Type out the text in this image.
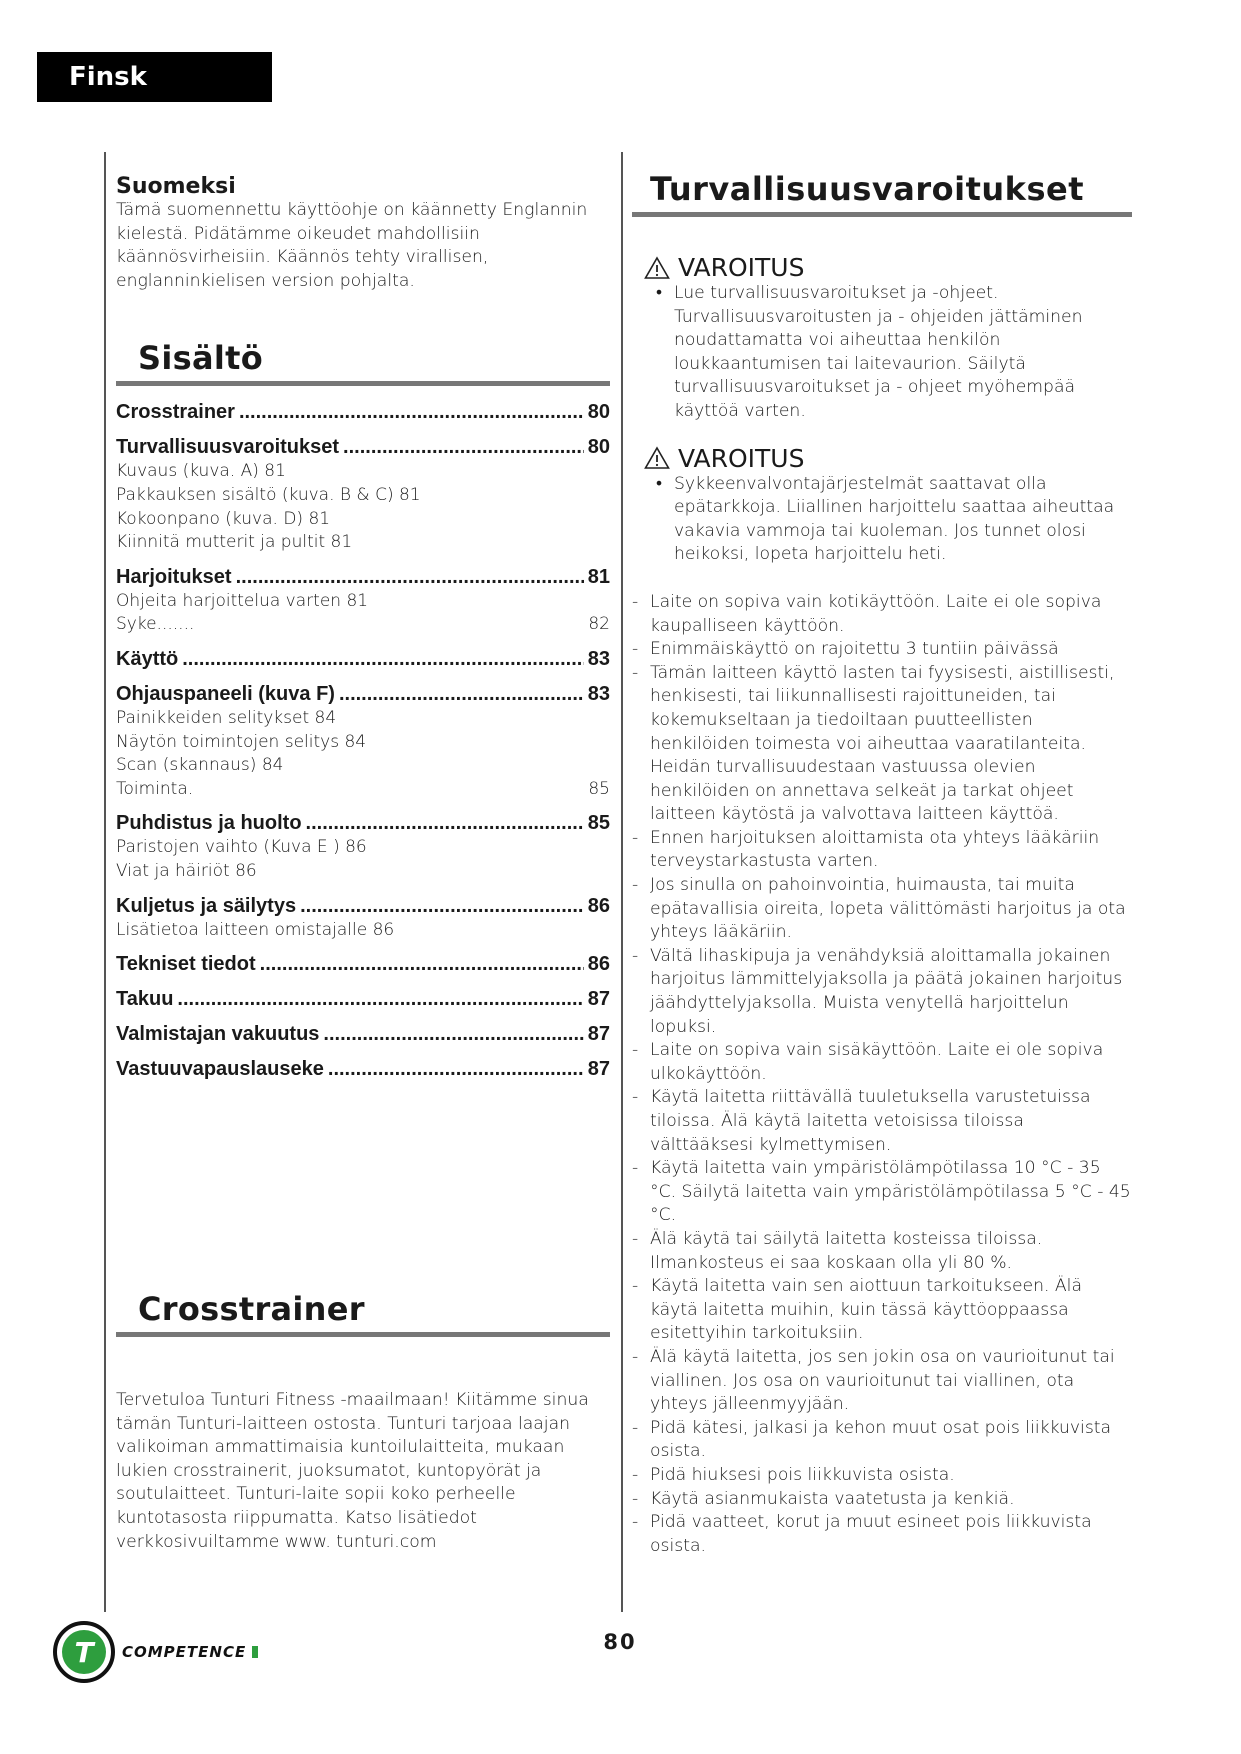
Finsk
Suomeksi
Tämä suomennettu käyttöohje on käännetty Englannin kielestä. Pidätämme oikeudet mahdollisiin käännösvirheisiin. Käännös tehty virallisen, englanninkielisen version pohjalta.
Sisältö
Crosstrainer .....	80
Turvallisuusvaroitukset .....	80
Kuvaus (kuva. A) 81
Pakkauksen sisältö (kuva. B & C) 81
Kokoonpano (kuva. D) 81
Kiinnitä mutterit ja pultit 81
Harjoitukset .....	81
Ohjeita harjoittelua varten 81
Syke.......	82
Käyttö .....	83
Ohjauspaneeli (kuva F) .....	83
Painikkeiden selitykset 84
Näytön toimintojen selitys 84
Scan (skannaus) 84
Toiminta.	85
Puhdistus ja huolto .....	85
Paristojen vaihto (Kuva E ) 86
Viat ja häiriöt 86
Kuljetus ja säilytys .....	86
Lisätietoa laitteen omistajalle 86
Tekniset tiedot .....	86
Takuu .....	87
Valmistajan vakuutus .....	87
Vastuuvapauslauseke .....	87
Crosstrainer
Tervetuloa Tunturi Fitness -maailmaan! Kiitämme sinua tämän Tunturi-laitteen ostosta. Tunturi tarjoaa laajan valikoiman ammattimaisia kuntoilulaitteita, mukaan lukien crosstrainerit, juoksumatot, kuntopyörät ja soutulaitteet. Tunturi-laite sopii koko perheelle kuntotasosta riippumatta. Katso lisätiedot verkkosivuiltamme www. tunturi.com
Turvallisuusvaroitukset
VAROITUS
• Lue turvallisuusvaroitukset ja -ohjeet. Turvallisuusvaroitusten ja - ohjeiden jättäminen noudattamatta voi aiheuttaa henkilön loukkaantumisen tai laitevaurion. Säilytä turvallisuusvaroitukset ja - ohjeet myöhempää käyttöä varten.
VAROITUS
• Sykkeenvalvontajärjestelmät saattavat olla epätarkkoja. Liiallinen harjoittelu saattaa aiheuttaa vakavia vammoja tai kuoleman. Jos tunnet olosi heikoksi, lopeta harjoittelu heti.
- Laite on sopiva vain kotikäyttöön. Laite ei ole sopiva kaupalliseen käyttöön.
- Enimmäiskäyttö on rajoitettu 3 tuntiin päivässä
- Tämän laitteen käyttö lasten tai fyysisesti, aistillisesti, henkisesti, tai liikunnallisesti rajoittuneiden, tai kokemukseltaan ja tiedoiltaan puutteellisten henkilöiden toimesta voi aiheuttaa vaaratilanteita. Heidän turvallisuudestaan vastuussa olevien henkilöiden on annettava selkeät ja tarkat ohjeet laitteen käytöstä ja valvottava laitteen käyttöä.
- Ennen harjoituksen aloittamista ota yhteys lääkäriin terveystarkastusta varten.
- Jos sinulla on pahoinvointia, huimausta, tai muita epätavallisia oireita, lopeta välittömästi harjoitus ja ota yhteys lääkäriin.
- Vältä lihaskipuja ja venähdyksiä aloittamalla jokainen harjoitus lämmittelyjaksolla ja päätä jokainen harjoitus jäähdyttelyjaksolla. Muista venytellä harjoittelun lopuksi.
- Laite on sopiva vain sisäkäyttöön. Laite ei ole sopiva ulkokäyttöön.
- Käytä laitetta riittävällä tuuletuksella varustetuissa tiloissa. Älä käytä laitetta vetoisissa tiloissa välttääksesi kylmettymisen.
- Käytä laitetta vain ympäristölämpötilassa 10 °C - 35 °C. Säilytä laitetta vain ympäristölämpötilassa 5 °C - 45 °C.
- Älä käytä tai säilytä laitetta kosteissa tiloissa. Ilmankosteus ei saa koskaan olla yli 80 %.
- Käytä laitetta vain sen aiottuun tarkoitukseen. Älä käytä laitetta muihin, kuin tässä käyttöoppaassa esitettyihin tarkoituksiin.
- Älä käytä laitetta, jos sen jokin osa on vaurioitunut tai viallinen. Jos osa on vaurioitunut tai viallinen, ota yhteys jälleenmyyjään.
- Pidä kätesi, jalkasi ja kehon muut osat pois liikkuvista osista.
- Pidä hiuksesi pois liikkuvista osista.
- Käytä asianmukaista vaatetusta ja kenkiä.
- Pidä vaatteet, korut ja muut esineet pois liikkuvista osista.
T COMPETENCE	80
